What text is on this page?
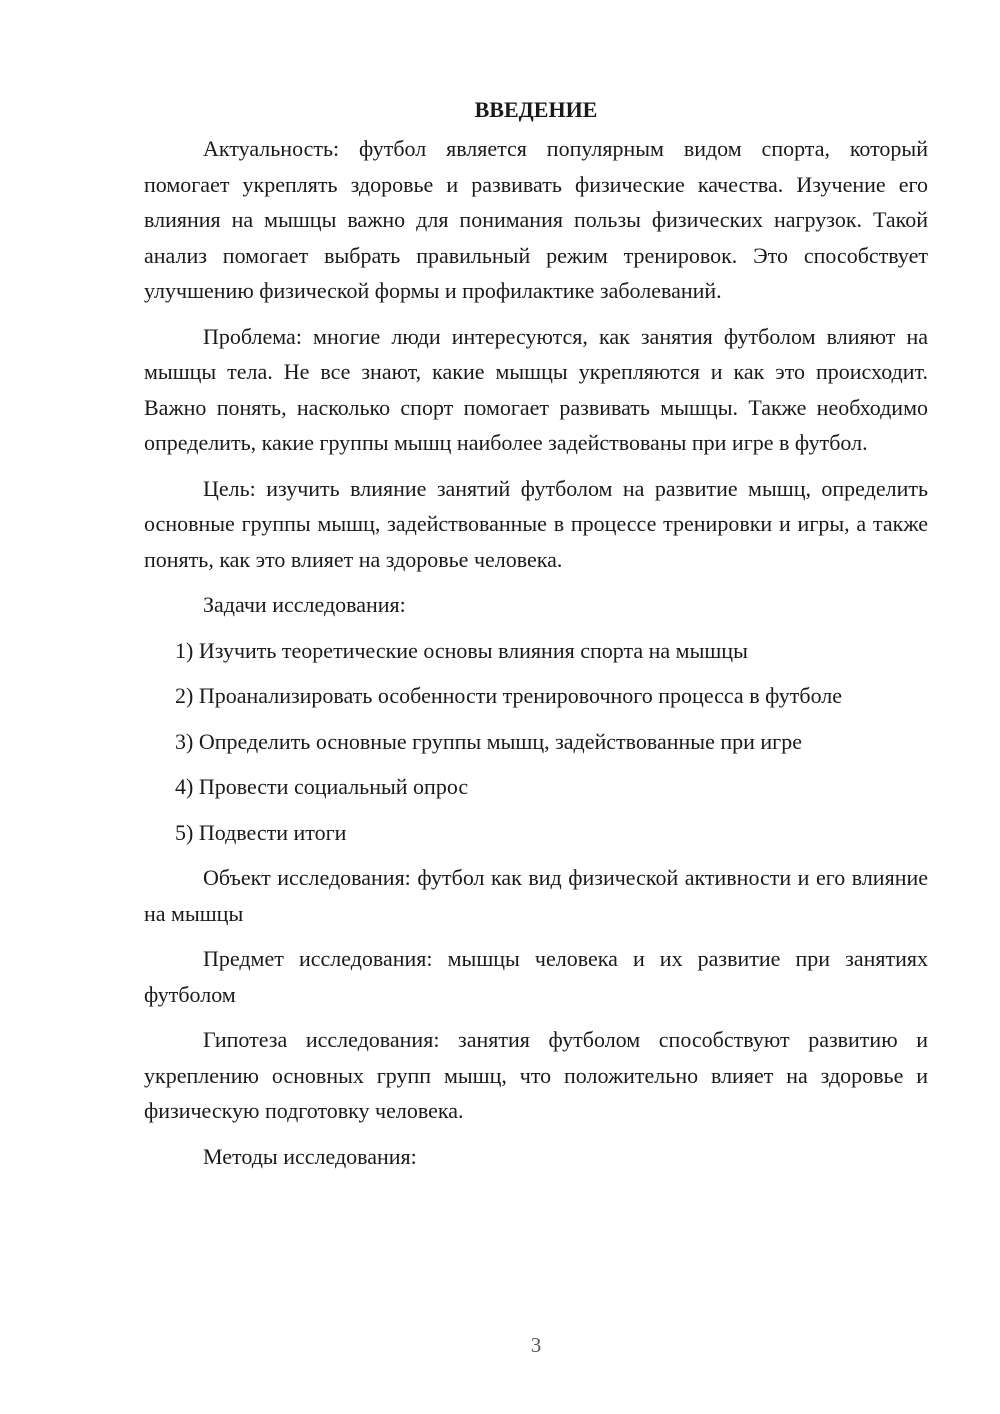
ВВЕДЕНИЕ

Актуальность: футбол является популярным видом спорта, который помогает укреплять здоровье и развивать физические качества. Изучение его влияния на мышцы важно для понимания пользы физических нагрузок. Такой анализ помогает выбрать правильный режим тренировок. Это способствует улучшению физической формы и профилактике заболеваний.

Проблема: многие люди интересуются, как занятия футболом влияют на мышцы тела. Не все знают, какие мышцы укрепляются и как это происходит. Важно понять, насколько спорт помогает развивать мышцы. Также необходимо определить, какие группы мышц наиболее задействованы при игре в футбол.

Цель: изучить влияние занятий футболом на развитие мышц, определить основные группы мышц, задействованные в процессе тренировки и игры, а также понять, как это влияет на здоровье человека.

Задачи исследования:

1) Изучить теоретические основы влияния спорта на мышцы

2) Проанализировать особенности тренировочного процесса в футболе

3) Определить основные группы мышц, задействованные при игре

4) Провести социальный опрос

5) Подвести итоги

Объект исследования: футбол как вид физической активности и его влияние на мышцы

Предмет исследования: мышцы человека и их развитие при занятиях футболом

Гипотеза исследования: занятия футболом способствуют развитию и укреплению основных групп мышц, что положительно влияет на здоровье и физическую подготовку человека.

Методы исследования:

3
